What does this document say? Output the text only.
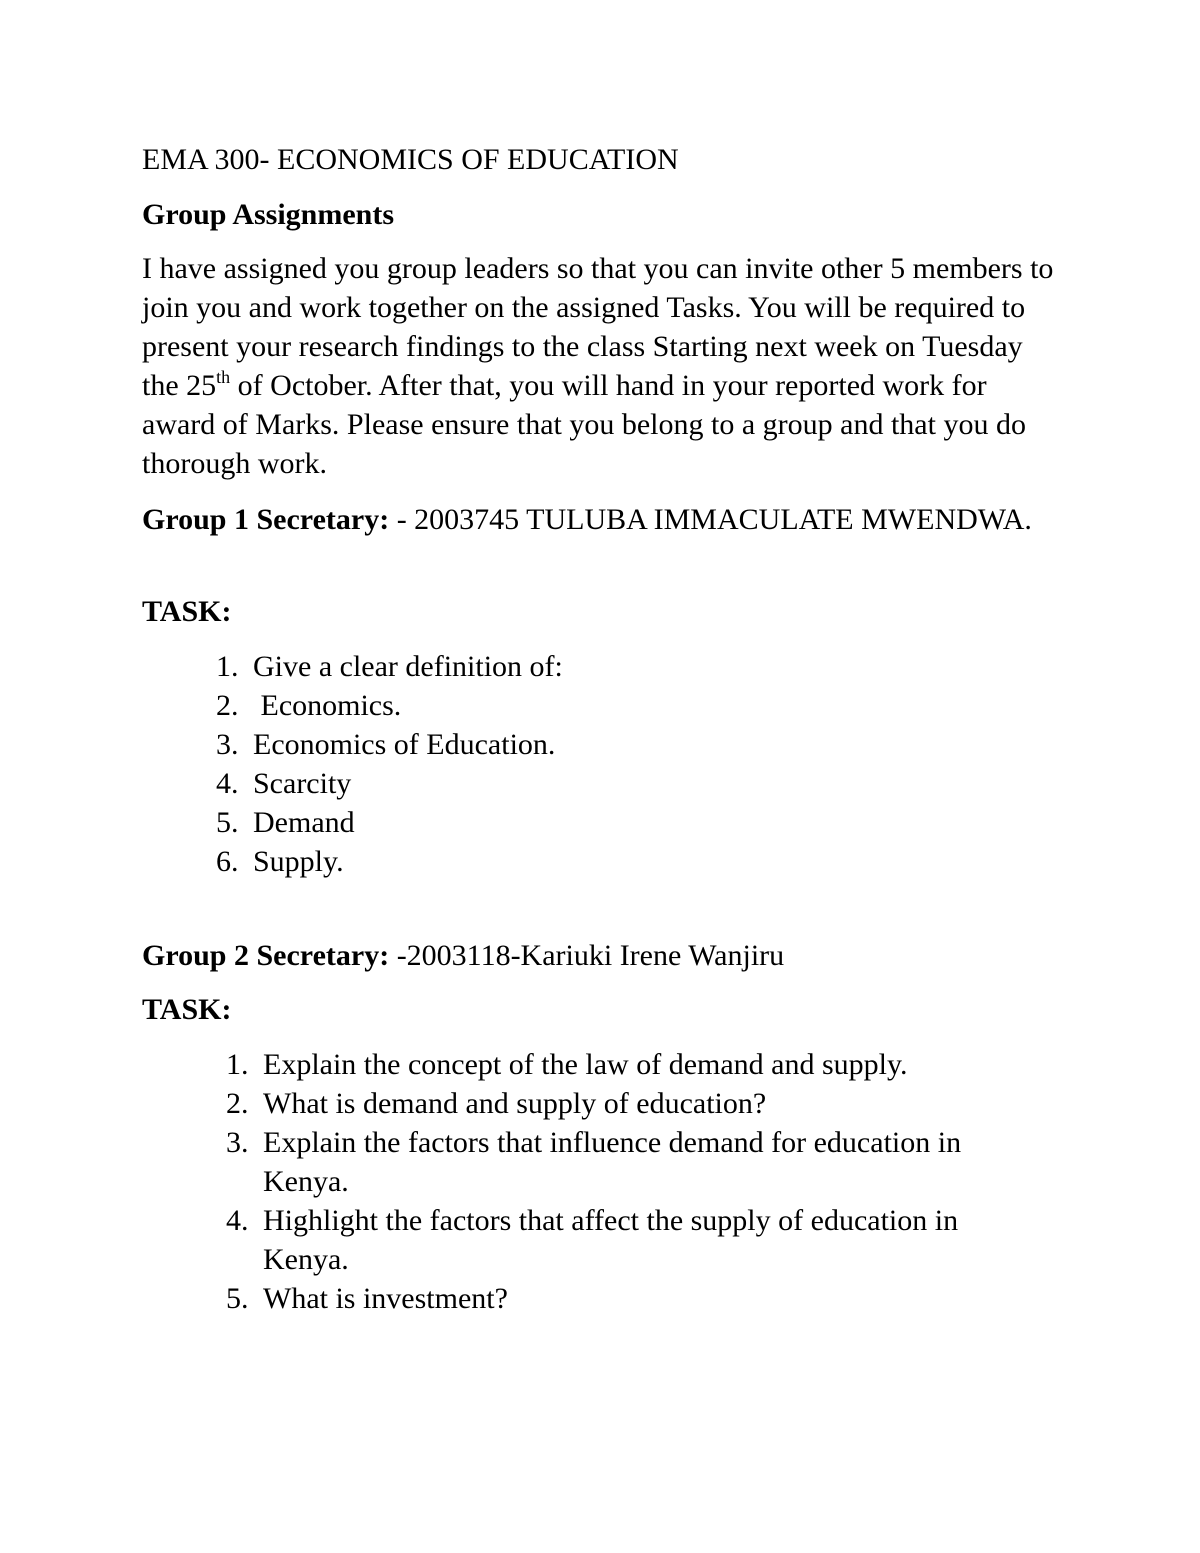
EMA 300- ECONOMICS OF EDUCATION

Group Assignments

I have assigned you group leaders so that you can invite other 5 members to join you and work together on the assigned Tasks. You will be required to present your research findings to the class Starting next week on Tuesday the 25th of October. After that, you will hand in your reported work for award of Marks. Please ensure that you belong to a group and that you do thorough work.

Group 1 Secretary: - 2003745 TULUBA IMMACULATE MWENDWA.

TASK:

1. Give a clear definition of:
2. Economics.
3. Economics of Education.
4. Scarcity
5. Demand
6. Supply.

Group 2 Secretary: -2003118-Kariuki Irene Wanjiru

TASK:

1. Explain the concept of the law of demand and supply.
2. What is demand and supply of education?
3. Explain the factors that influence demand for education in Kenya.
4. Highlight the factors that affect the supply of education in Kenya.
5. What is investment?
